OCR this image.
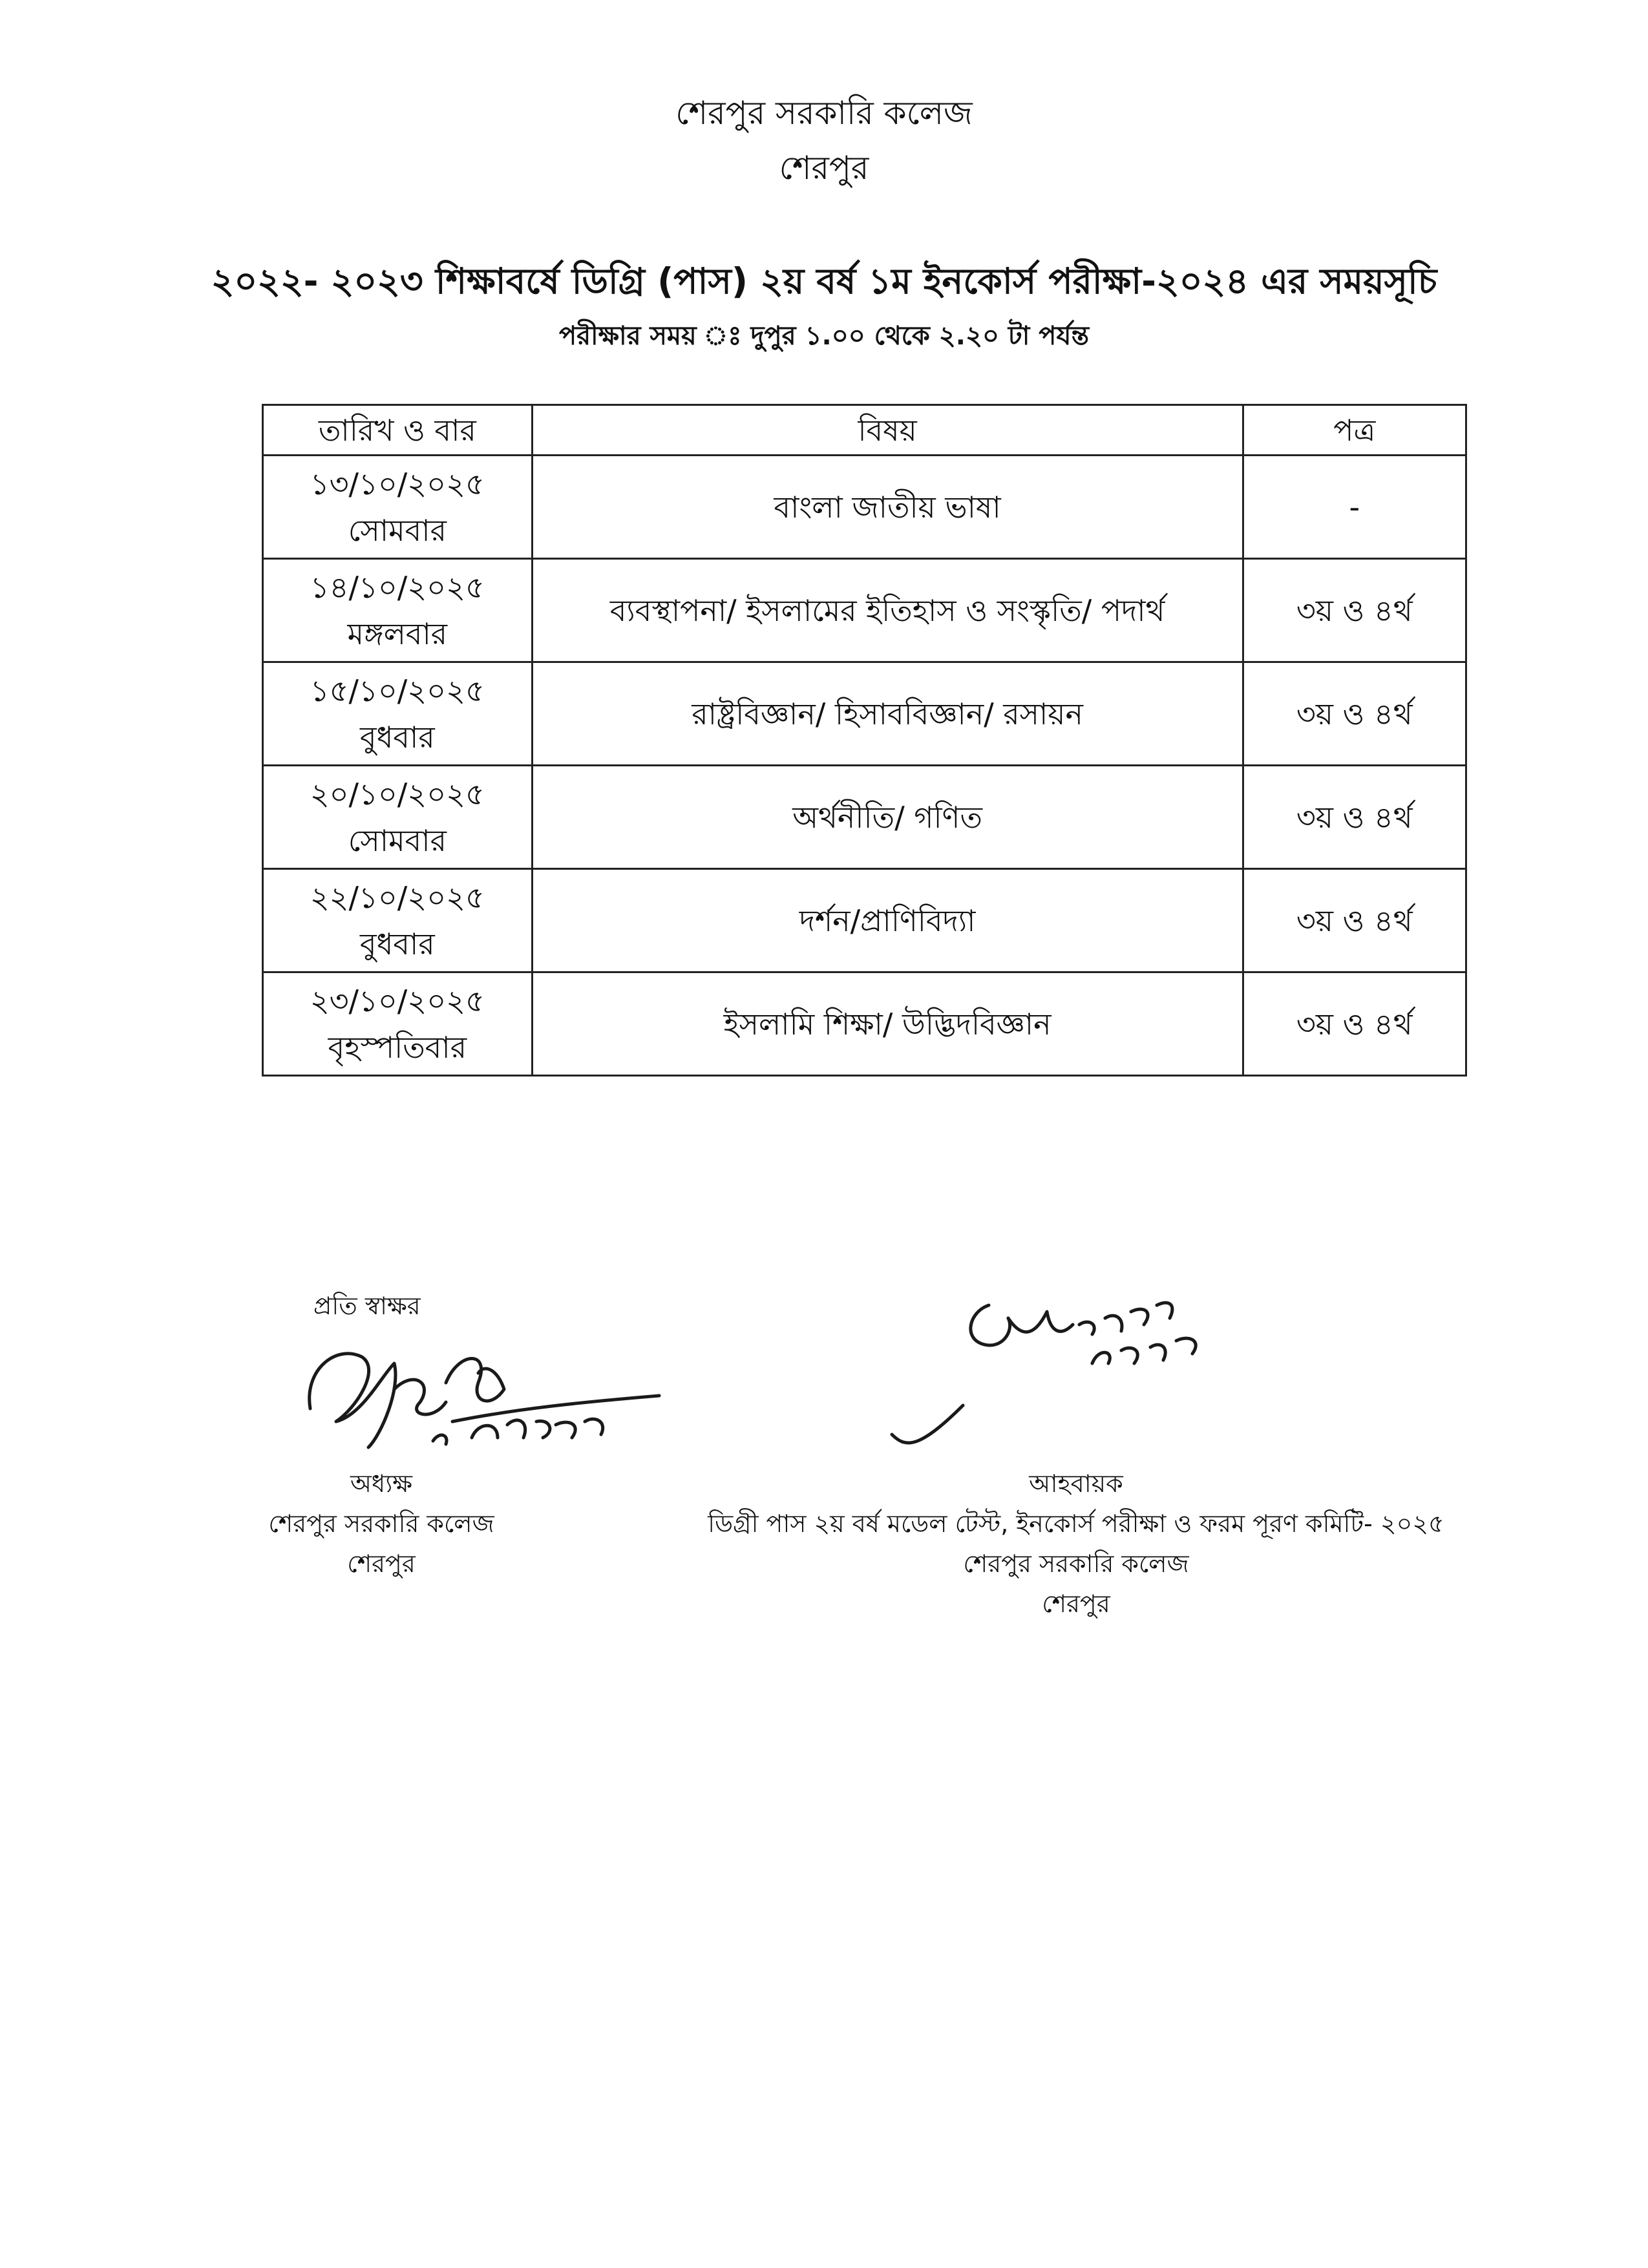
শেরপুর সরকারি কলেজ
শেরপুর
২০২২- ২০২৩ শিক্ষাবর্ষে ডিগ্রি (পাস) ২য় বর্ষ ১ম ইনকোর্স পরীক্ষা-২০২৪ এর সময়সূচি
পরীক্ষার সময় ঃ দুপুর ১.০০ থেকে ২.২০ টা পর্যন্ত
তারিখ ও বার	বিষয়	পত্র

১৩/১০/২০২৫
সোমবার	বাংলা জাতীয় ভাষা	-

১৪/১০/২০২৫
মঙ্গলবার	ব্যবস্থাপনা/ ইসলামের ইতিহাস ও সংস্কৃতি/ পদার্থ	৩য় ও ৪র্থ

১৫/১০/২০২৫
বুধবার	রাষ্ট্রবিজ্ঞান/ হিসাববিজ্ঞান/ রসায়ন	৩য় ও ৪র্থ

২০/১০/২০২৫
সোমবার	অর্থনীতি/ গণিত	৩য় ও ৪র্থ

২২/১০/২০২৫
বুধবার	দর্শন/প্রাণিবিদ্যা	৩য় ও ৪র্থ

২৩/১০/২০২৫
বৃহস্পতিবার	ইসলামি শিক্ষা/ উদ্ভিদবিজ্ঞান	৩য় ও ৪র্থ
প্রতি স্বাক্ষর
অধ্যক্ষ
শেরপুর সরকারি কলেজ
শেরপুর
আহবায়ক
ডিগ্রী পাস ২য় বর্ষ মডেল টেস্ট, ইনকোর্স পরীক্ষা ও ফরম পূরণ কমিটি- ২০২৫
শেরপুর সরকারি কলেজ
শেরপুর
